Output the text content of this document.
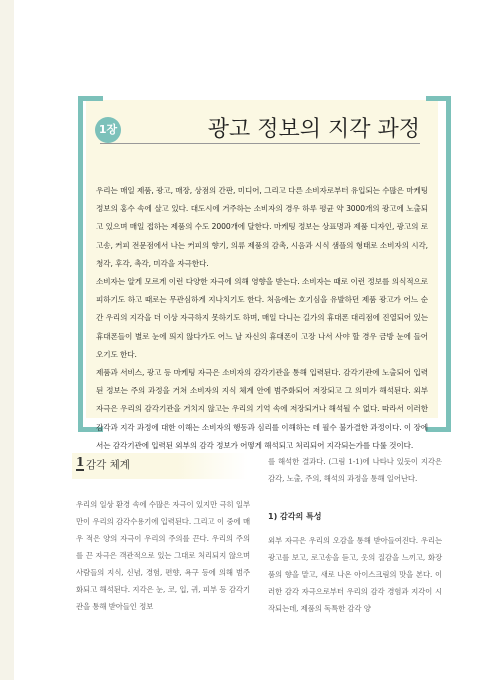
1장	광고 정보의 지각 과정

우리는 매일 제품, 광고, 매장, 상점의 간판, 미디어, 그리고 다른 소비자로부터 유입되는 수많은 마케팅 정보의 홍수 속에 살고 있다. 대도시에 거주하는 소비자의 경우 하루 평균 약 3000개의 광고에 노출되고 있으며 매일 접하는 제품의 수도 2000개에 달한다. 마케팅 정보는 상표명과 제품 디자인, 광고의 로고송, 커피 전문점에서 나는 커피의 향기, 의류 제품의 감촉, 시음과 시식 샘플의 형태로 소비자의 시각, 청각, 후각, 촉각, 미각을 자극한다.

소비자는 알게 모르게 이런 다양한 자극에 의해 영향을 받는다. 소비자는 때로 이런 정보를 의식적으로 피하기도 하고 때로는 무관심하게 지나치기도 한다. 처음에는 호기심을 유발하던 제품 광고가 어느 순간 우리의 지각을 더 이상 자극하지 못하기도 하며, 매일 다니는 길가의 휴대폰 대리점에 진열되어 있는 휴대폰들이 별로 눈에 띄지 않다가도 어느 날 자신의 휴대폰이 고장 나서 사야 할 경우 금방 눈에 들어오기도 한다.

제품과 서비스, 광고 등 마케팅 자극은 소비자의 감각기관을 통해 입력된다. 감각기관에 노출되어 입력된 정보는 주의 과정을 거쳐 소비자의 지식 체계 안에 범주화되어 저장되고 그 의미가 해석된다. 외부 자극은 우리의 감각기관을 거치지 않고는 우리의 기억 속에 저장되거나 해석될 수 없다. 따라서 이러한 감각과 지각 과정에 대한 이해는 소비자의 행동과 심리를 이해하는 데 필수 불가결한 과정이다. 이 장에서는 감각기관에 입력된 외부의 감각 정보가 어떻게 해석되고 처리되어 지각되는가를 다룰 것이다.

1 감각 체계

우리의 일상 환경 속에 수많은 자극이 있지만 극히 일부만이 우리의 감각수용기에 입력된다. 그리고 이 중에 매우 적은 양의 자극이 우리의 주의를 끈다. 우리의 주의를 끈 자극은 객관적으로 있는 그대로 처리되지 않으며 사람들의 지식, 신념, 경험, 편향, 욕구 등에 의해 범주화되고 해석된다. 지각은 눈, 코, 입, 귀, 피부 등 감각기관을 통해 받아들인 정보

를 해석한 결과다. (그림 1-1)에 나타나 있듯이 지각은 감각, 노출, 주의, 해석의 과정을 통해 일어난다.

1) 감각의 특성

외부 자극은 우리의 오감을 통해 받아들여진다. 우리는 광고를 보고, 로고송을 듣고, 옷의 질감을 느끼고, 화장품의 향을 맡고, 새로 나온 아이스크림의 맛을 본다. 이러한 감각 자극으로부터 우리의 감각 경험과 지각이 시작되는데, 제품의 독특한 감각 양
